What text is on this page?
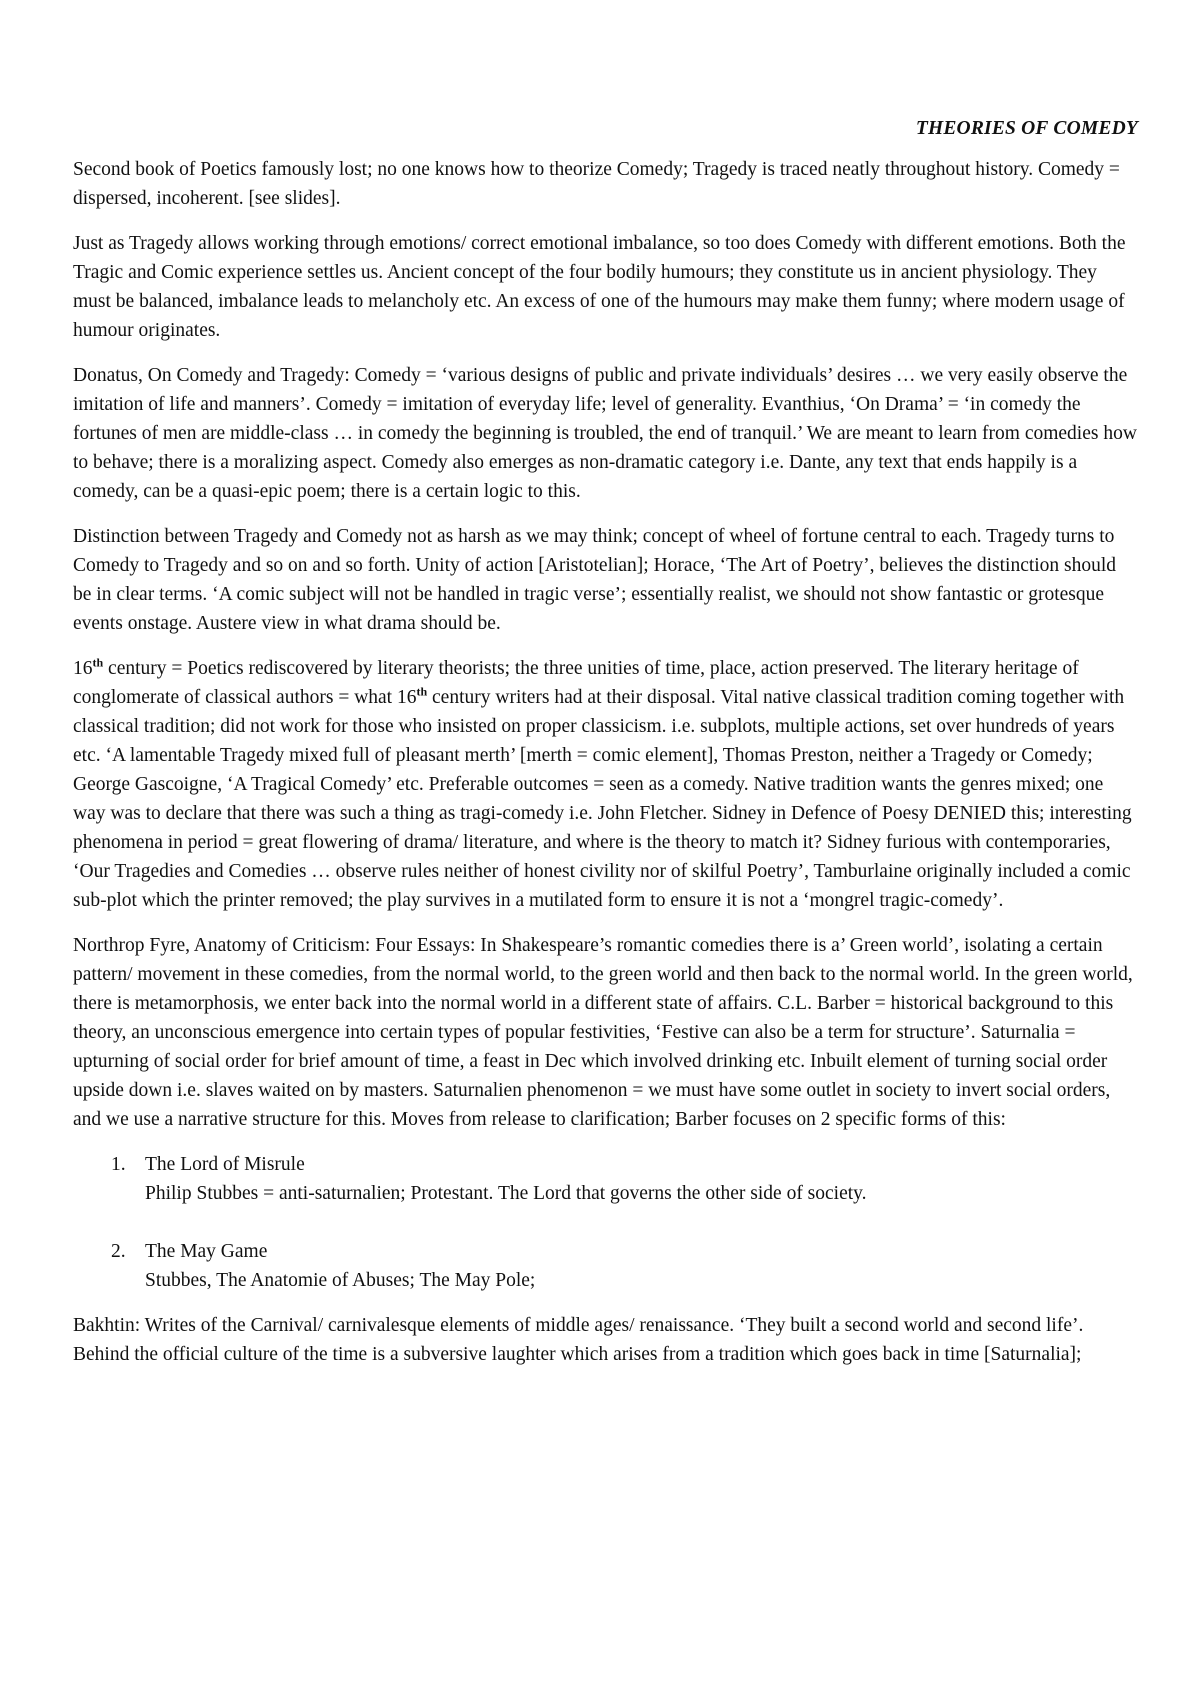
THEORIES OF COMEDY

Second book of Poetics famously lost; no one knows how to theorize Comedy; Tragedy is traced neatly throughout history. Comedy = dispersed, incoherent. [see slides].

Just as Tragedy allows working through emotions/ correct emotional imbalance, so too does Comedy with different emotions. Both the Tragic and Comic experience settles us. Ancient concept of the four bodily humours; they constitute us in ancient physiology. They must be balanced, imbalance leads to melancholy etc. An excess of one of the humours may make them funny; where modern usage of humour originates.

Donatus, On Comedy and Tragedy: Comedy = ‘various designs of public and private individuals’ desires … we very easily observe the imitation of life and manners’. Comedy = imitation of everyday life; level of generality. Evanthius, ‘On Drama’ = ‘in comedy the fortunes of men are middle-class … in comedy the beginning is troubled, the end of tranquil.’ We are meant to learn from comedies how to behave; there is a moralizing aspect. Comedy also emerges as non-dramatic category i.e. Dante, any text that ends happily is a comedy, can be a quasi-epic poem; there is a certain logic to this.

Distinction between Tragedy and Comedy not as harsh as we may think; concept of wheel of fortune central to each. Tragedy turns to Comedy to Tragedy and so on and so forth. Unity of action [Aristotelian]; Horace, ‘The Art of Poetry’, believes the distinction should be in clear terms. ‘A comic subject will not be handled in tragic verse’; essentially realist, we should not show fantastic or grotesque events onstage. Austere view in what drama should be.

16th century = Poetics rediscovered by literary theorists; the three unities of time, place, action preserved. The literary heritage of conglomerate of classical authors = what 16th century writers had at their disposal. Vital native classical tradition coming together with classical tradition; did not work for those who insisted on proper classicism. i.e. subplots, multiple actions, set over hundreds of years etc. ‘A lamentable Tragedy mixed full of pleasant merth’ [merth = comic element], Thomas Preston, neither a Tragedy or Comedy; George Gascoigne, ‘A Tragical Comedy’ etc. Preferable outcomes = seen as a comedy. Native tradition wants the genres mixed; one way was to declare that there was such a thing as tragi-comedy i.e. John Fletcher. Sidney in Defence of Poesy DENIED this; interesting phenomena in period = great flowering of drama/ literature, and where is the theory to match it? Sidney furious with contemporaries, ‘Our Tragedies and Comedies … observe rules neither of honest civility nor of skilful Poetry’, Tamburlaine originally included a comic sub-plot which the printer removed; the play survives in a mutilated form to ensure it is not a ‘mongrel tragic-comedy’.

Northrop Fyre, Anatomy of Criticism: Four Essays: In Shakespeare’s romantic comedies there is a’ Green world’, isolating a certain pattern/ movement in these comedies, from the normal world, to the green world and then back to the normal world. In the green world, there is metamorphosis, we enter back into the normal world in a different state of affairs. C.L. Barber = historical background to this theory, an unconscious emergence into certain types of popular festivities, ‘Festive can also be a term for structure’. Saturnalia = upturning of social order for brief amount of time, a feast in Dec which involved drinking etc. Inbuilt element of turning social order upside down i.e. slaves waited on by masters. Saturnalien phenomenon = we must have some outlet in society to invert social orders, and we use a narrative structure for this. Moves from release to clarification; Barber focuses on 2 specific forms of this:

1. The Lord of Misrule
Philip Stubbes = anti-saturnalien; Protestant. The Lord that governs the other side of society.
2. The May Game
Stubbes, The Anatomie of Abuses; The May Pole;

Bakhtin: Writes of the Carnival/ carnivalesque elements of middle ages/ renaissance. ‘They built a second world and second life’. Behind the official culture of the time is a subversive laughter which arises from a tradition which goes back in time [Saturnalia];
